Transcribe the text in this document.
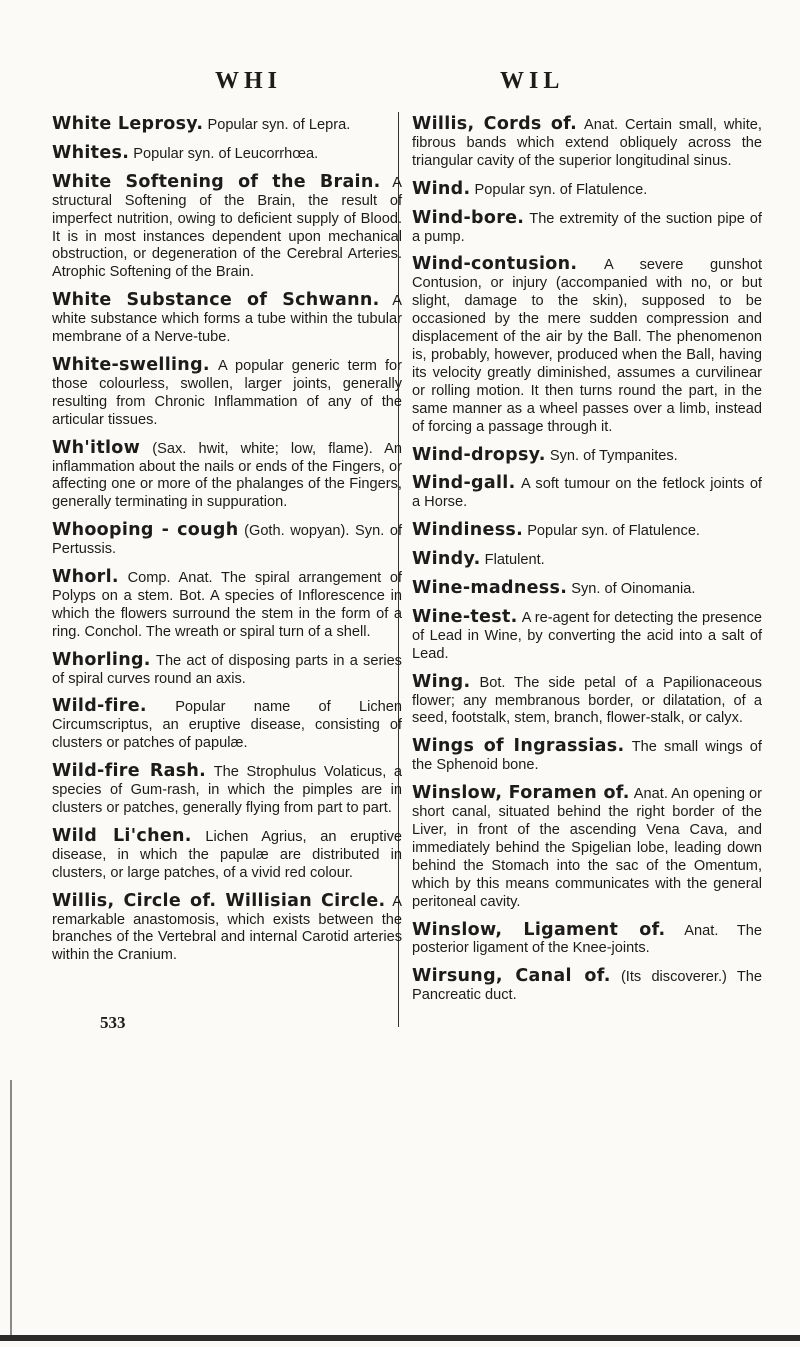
WHI	WIL
White Leprosy. Popular syn. of Lepra.
Whites. Popular syn. of Leucorrhœa.
White Softening of the Brain. A structural Softening of the Brain, the result of imperfect nutrition, owing to deficient supply of Blood. It is in most instances dependent upon mechanical obstruction, or degeneration of the Cerebral Arteries. Atrophic Softening of the Brain.
White Substance of Schwann. A white substance which forms a tube within the tubular membrane of a Nerve-tube.
White-swelling. A popular generic term for those colourless, swollen, larger joints, generally resulting from Chronic Inflammation of any of the articular tissues.
Wh'itlow (Sax. hwit, white; low, flame). An inflammation about the nails or ends of the Fingers, or affecting one or more of the phalanges of the Fingers, generally terminating in suppuration.
Whooping - cough (Goth. wopyan). Syn. of Pertussis.
Whorl. Comp. Anat. The spiral arrangement of Polyps on a stem. Bot. A species of Inflorescence in which the flowers surround the stem in the form of a ring. Conchol. The wreath or spiral turn of a shell.
Whorling. The act of disposing parts in a series of spiral curves round an axis.
Wild-fire. Popular name of Lichen Circumscriptus, an eruptive disease, consisting of clusters or patches of papulæ.
Wild-fire Rash. The Strophulus Volaticus, a species of Gum-rash, in which the pimples are in clusters or patches, generally flying from part to part.
Wild Li'chen. Lichen Agrius, an eruptive disease, in which the papulæ are distributed in clusters, or large patches, of a vivid red colour.
Willis, Circle of. Willisian Circle. A remarkable anastomosis, which exists between the branches of the Vertebral and internal Carotid arteries within the Cranium.
Willis, Cords of. Anat. Certain small, white, fibrous bands which extend obliquely across the triangular cavity of the superior longitudinal sinus.
Wind. Popular syn. of Flatulence.
Wind-bore. The extremity of the suction pipe of a pump.
Wind-contusion. A severe gunshot Contusion, or injury (accompanied with no, or but slight, damage to the skin), supposed to be occasioned by the mere sudden compression and displacement of the air by the Ball. The phenomenon is, probably, however, produced when the Ball, having its velocity greatly diminished, assumes a curvilinear or rolling motion. It then turns round the part, in the same manner as a wheel passes over a limb, instead of forcing a passage through it.
Wind-dropsy. Syn. of Tympanites.
Wind-gall. A soft tumour on the fetlock joints of a Horse.
Windiness. Popular syn. of Flatulence.
Windy. Flatulent.
Wine-madness. Syn. of Oinomania.
Wine-test. A re-agent for detecting the presence of Lead in Wine, by converting the acid into a salt of Lead.
Wing. Bot. The side petal of a Papilionaceous flower; any membranous border, or dilatation, of a seed, footstalk, stem, branch, flower-stalk, or calyx.
Wings of Ingrassias. The small wings of the Sphenoid bone.
Winslow, Foramen of. Anat. An opening or short canal, situated behind the right border of the Liver, in front of the ascending Vena Cava, and immediately behind the Spigelian lobe, leading down behind the Stomach into the sac of the Omentum, which by this means communicates with the general peritoneal cavity.
Winslow, Ligament of. Anat. The posterior ligament of the Knee-joints.
Wirsung, Canal of. (Its discoverer.) The Pancreatic duct.
533
